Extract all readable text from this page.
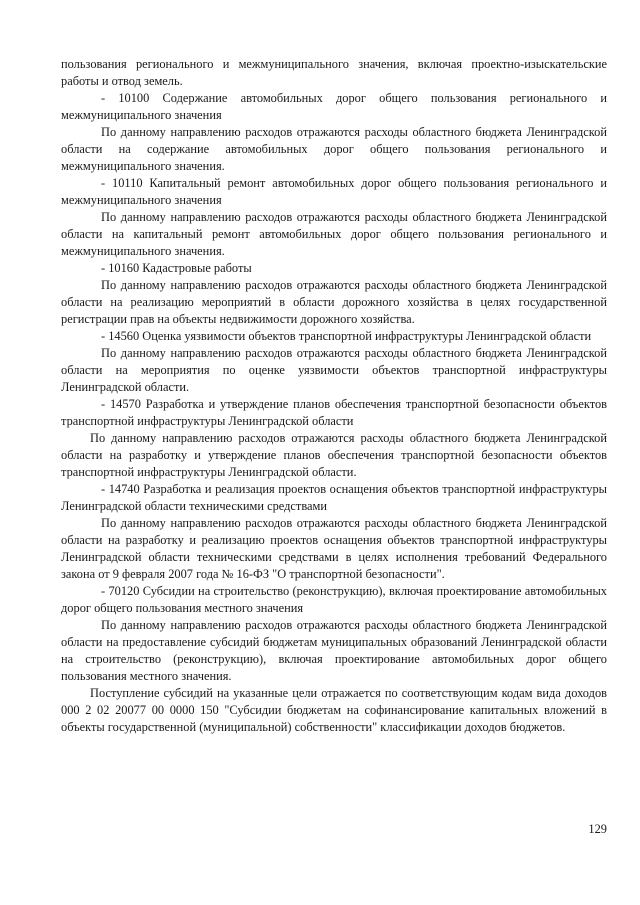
пользования регионального и межмуниципального значения, включая проектно-изыскательские работы и отвод земель.

- 10100 Содержание автомобильных дорог общего пользования регионального и межмуниципального значения

По данному направлению расходов отражаются расходы областного бюджета Ленинградской области на содержание автомобильных дорог общего пользования регионального и межмуниципального значения.

- 10110 Капитальный ремонт автомобильных дорог общего пользования регионального и межмуниципального значения

По данному направлению расходов отражаются расходы областного бюджета Ленинградской области на капитальный ремонт автомобильных дорог общего пользования регионального и межмуниципального значения.

- 10160 Кадастровые работы

По данному направлению расходов отражаются расходы областного бюджета Ленинградской области на реализацию мероприятий в области дорожного хозяйства в целях государственной регистрации прав на объекты недвижимости дорожного хозяйства.

- 14560 Оценка уязвимости объектов транспортной инфраструктуры Ленинградской области

По данному направлению расходов отражаются расходы областного бюджета Ленинградской области на мероприятия по оценке уязвимости объектов транспортной инфраструктуры Ленинградской области.

- 14570 Разработка и утверждение планов обеспечения транспортной безопасности объектов транспортной инфраструктуры Ленинградской области

По данному направлению расходов отражаются расходы областного бюджета Ленинградской области на разработку и утверждение планов обеспечения транспортной безопасности объектов транспортной инфраструктуры Ленинградской области.

- 14740 Разработка и реализация проектов оснащения объектов транспортной инфраструктуры Ленинградской области техническими средствами

По данному направлению расходов отражаются расходы областного бюджета Ленинградской области на разработку и реализацию проектов оснащения объектов транспортной инфраструктуры Ленинградской области техническими средствами в целях исполнения требований Федерального закона от 9 февраля 2007 года № 16-ФЗ "О транспортной безопасности".

- 70120 Субсидии на строительство (реконструкцию), включая проектирование автомобильных дорог общего пользования местного значения

По данному направлению расходов отражаются расходы областного бюджета Ленинградской области на предоставление субсидий бюджетам муниципальных образований Ленинградской области на строительство (реконструкцию), включая проектирование автомобильных дорог общего пользования местного значения.

Поступление субсидий на указанные цели отражается по соответствующим кодам вида доходов 000 2 02 20077 00 0000 150 "Субсидии бюджетам на софинансирование капитальных вложений в объекты государственной (муниципальной) собственности" классификации доходов бюджетов.

129
